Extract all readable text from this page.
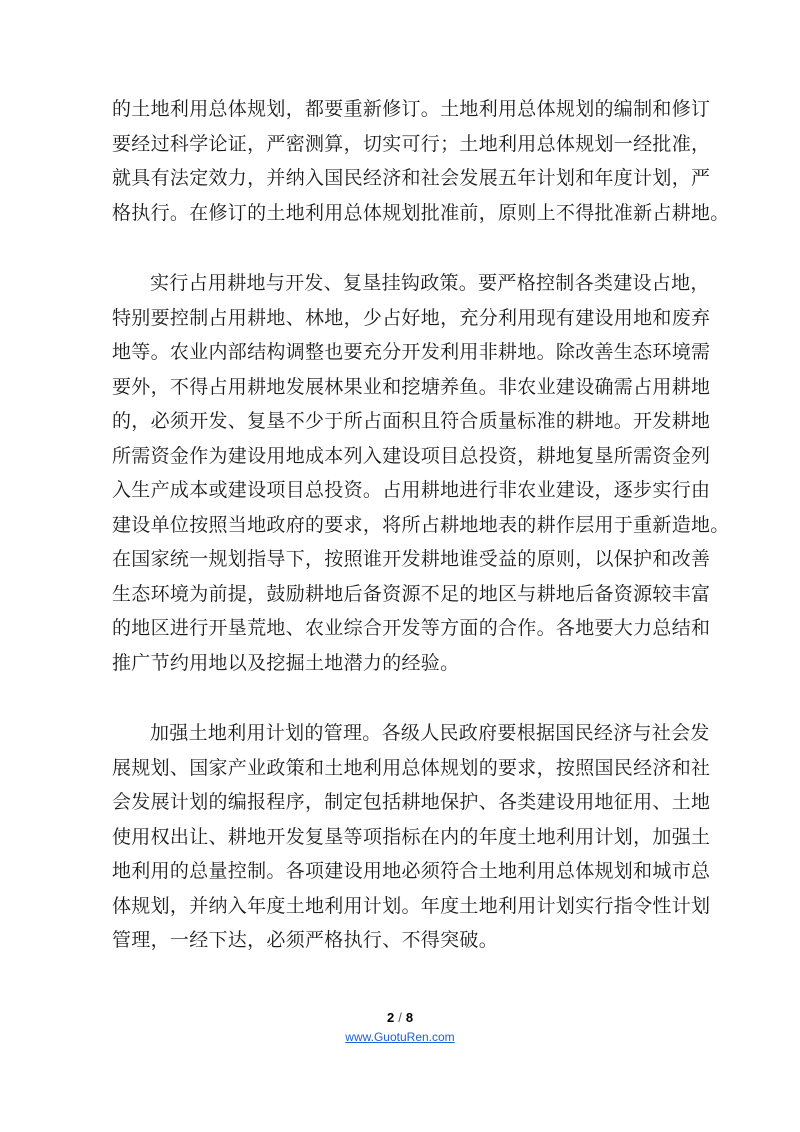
的土地利用总体规划，都要重新修订。土地利用总体规划的编制和修订
要经过科学论证，严密测算，切实可行；土地利用总体规划一经批准，
就具有法定效力，并纳入国民经济和社会发展五年计划和年度计划，严
格执行。在修订的土地利用总体规划批准前，原则上不得批准新占耕地。
实行占用耕地与开发、复垦挂钩政策。要严格控制各类建设占地，
特别要控制占用耕地、林地，少占好地，充分利用现有建设用地和废弃
地等。农业内部结构调整也要充分开发利用非耕地。除改善生态环境需
要外，不得占用耕地发展林果业和挖塘养鱼。非农业建设确需占用耕地
的，必须开发、复垦不少于所占面积且符合质量标准的耕地。开发耕地
所需资金作为建设用地成本列入建设项目总投资，耕地复垦所需资金列
入生产成本或建设项目总投资。占用耕地进行非农业建设，逐步实行由
建设单位按照当地政府的要求，将所占耕地地表的耕作层用于重新造地。
在国家统一规划指导下，按照谁开发耕地谁受益的原则，以保护和改善
生态环境为前提，鼓励耕地后备资源不足的地区与耕地后备资源较丰富
的地区进行开垦荒地、农业综合开发等方面的合作。各地要大力总结和
推广节约用地以及挖掘土地潜力的经验。
加强土地利用计划的管理。各级人民政府要根据国民经济与社会发
展规划、国家产业政策和土地利用总体规划的要求，按照国民经济和社
会发展计划的编报程序，制定包括耕地保护、各类建设用地征用、土地
使用权出让、耕地开发复垦等项指标在内的年度土地利用计划，加强土
地利用的总量控制。各项建设用地必须符合土地利用总体规划和城市总
体规划，并纳入年度土地利用计划。年度土地利用计划实行指令性计划
管理，一经下达，必须严格执行、不得突破。
2 / 8
www.GuotuRen.com
